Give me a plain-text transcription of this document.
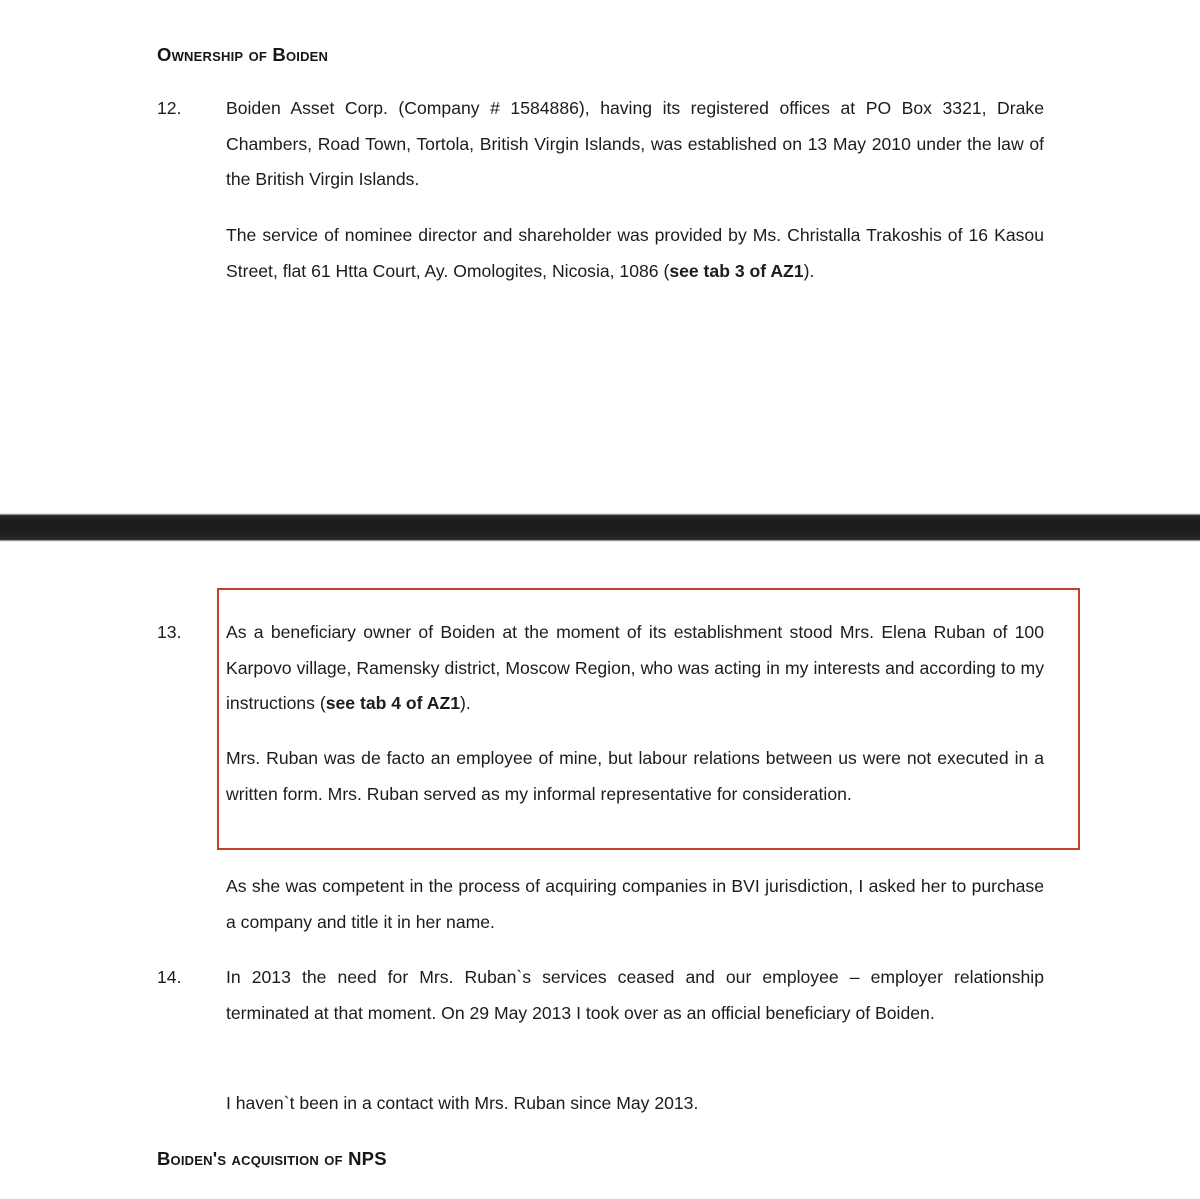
Ownership of Boiden
12.	Boiden Asset Corp. (Company # 1584886), having its registered offices at PO Box 3321, Drake Chambers, Road Town, Tortola, British Virgin Islands, was established on 13 May 2010 under the law of the British Virgin Islands.
The service of nominee director and shareholder was provided by Ms. Christalla Trakoshis of 16 Kasou Street, flat 61 Htta Court, Ay. Omologites, Nicosia, 1086 (see tab 3 of AZ1).
13.	As a beneficiary owner of Boiden at the moment of its establishment stood Mrs. Elena Ruban of 100 Karpovo village, Ramensky district, Moscow Region, who was acting in my interests and according to my instructions (see tab 4 of AZ1).
Mrs. Ruban was de facto an employee of mine, but labour relations between us were not executed in a written form. Mrs. Ruban served as my informal representative for consideration.
As she was competent in the process of acquiring companies in BVI jurisdiction, I asked her to purchase a company and title it in her name.
14.	In 2013 the need for Mrs. Ruban`s services ceased and our employee – employer relationship terminated at that moment. On 29 May 2013 I took over as an official beneficiary of Boiden.
I haven`t been in a contact with Mrs. Ruban since May 2013.
Boiden's acquisition of NPS
